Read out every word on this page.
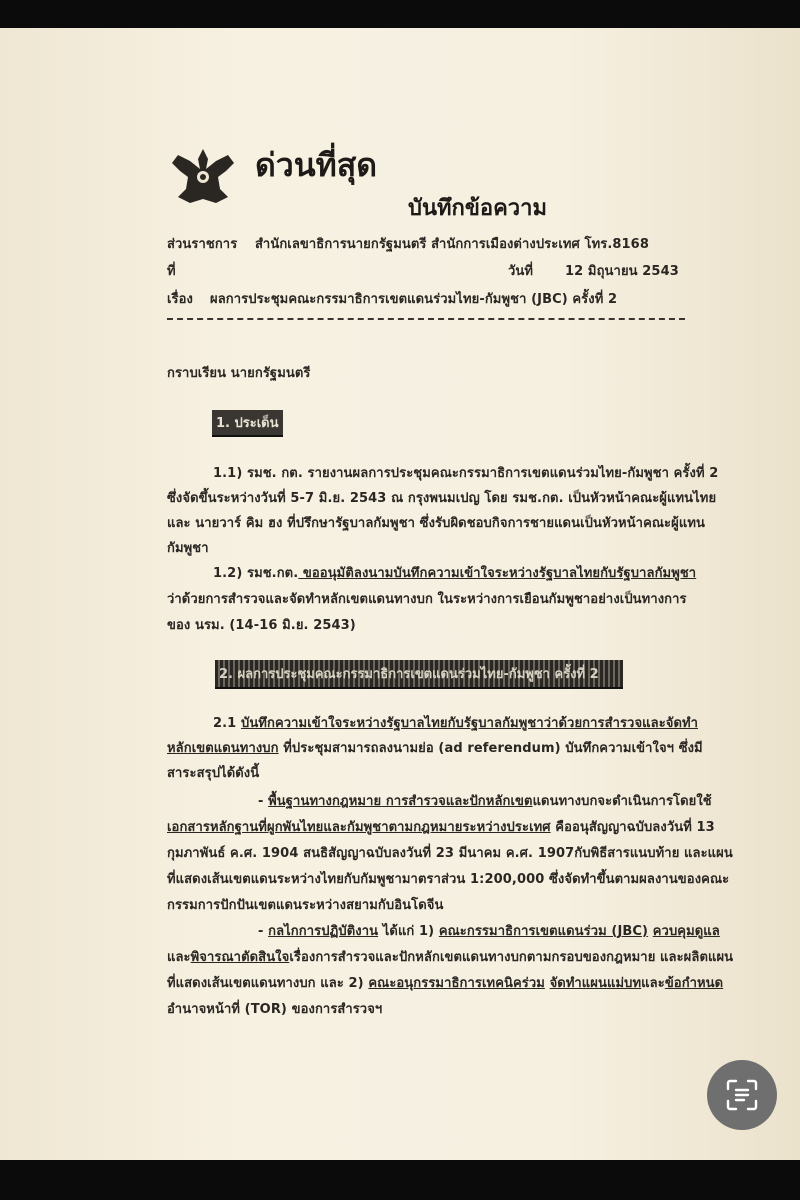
ด่วนที่สุด
บันทึกข้อความ
ส่วนราชการ สำนักเลขาธิการนายกรัฐมนตรี สำนักการเมืองต่างประเทศ โทร.8168
ที่	วันที่ 12 มิถุนายน 2543
เรื่อง ผลการประชุมคณะกรรมาธิการเขตแดนร่วมไทย-กัมพูชา (JBC) ครั้งที่ 2
กราบเรียน นายกรัฐมนตรี
1. ประเด็น
1.1) รมช. กต. รายงานผลการประชุมคณะกรรมาธิการเขตแดนร่วมไทย-กัมพูชา ครั้งที่ 2
ซึ่งจัดขึ้นระหว่างวันที่ 5-7 มิ.ย. 2543 ณ กรุงพนมเปญ โดย รมช.กต. เป็นหัวหน้าคณะผู้แทนไทย
และ นายวาร์ คิม ฮง ที่ปรึกษารัฐบาลกัมพูชา ซึ่งรับผิดชอบกิจการชายแดนเป็นหัวหน้าคณะผู้แทน
กัมพูชา
1.2) รมช.กต. ขออนุมัติลงนามบันทึกความเข้าใจระหว่างรัฐบาลไทยกับรัฐบาลกัมพูชา
ว่าด้วยการสำรวจและจัดทำหลักเขตแดนทางบก ในระหว่างการเยือนกัมพูชาอย่างเป็นทางการ
ของ นรม. (14-16 มิ.ย. 2543)
2. ผลการประชุมคณะกรรมาธิการเขตแดนร่วมไทย-กัมพูชา ครั้งที่ 2
2.1 บันทึกความเข้าใจระหว่างรัฐบาลไทยกับรัฐบาลกัมพูชาว่าด้วยการสำรวจและจัดทำ
หลักเขตแดนทางบก ที่ประชุมสามารถลงนามย่อ (ad referendum) บันทึกความเข้าใจฯ ซึ่งมี
สาระสรุปได้ดังนี้
- พื้นฐานทางกฎหมาย การสำรวจและปักหลักเขตแดนทางบกจะดำเนินการโดยใช้
เอกสารหลักฐานที่ผูกพันไทยและกัมพูชาตามกฎหมายระหว่างประเทศ คืออนุสัญญาฉบับลงวันที่ 13
กุมภาพันธ์ ค.ศ. 1904 สนธิสัญญาฉบับลงวันที่ 23 มีนาคม ค.ศ. 1907กับพิธีสารแนบท้าย และแผน
ที่แสดงเส้นเขตแดนระหว่างไทยกับกัมพูชามาตราส่วน 1:200,000 ซึ่งจัดทำขึ้นตามผลงานของคณะ
กรรมการปักปันเขตแดนระหว่างสยามกับอินโดจีน
- กลไกการปฏิบัติงาน ได้แก่ 1) คณะกรรมาธิการเขตแดนร่วม (JBC) ควบคุมดูแล
และพิจารณาตัดสินใจเรื่องการสำรวจและปักหลักเขตแดนทางบกตามกรอบของกฎหมาย และผลิตแผน
ที่แสดงเส้นเขตแดนทางบก และ 2) คณะอนุกรรมาธิการเทคนิคร่วม จัดทำแผนแม่บทและข้อกำหนด
อำนาจหน้าที่ (TOR) ของการสำรวจฯ
